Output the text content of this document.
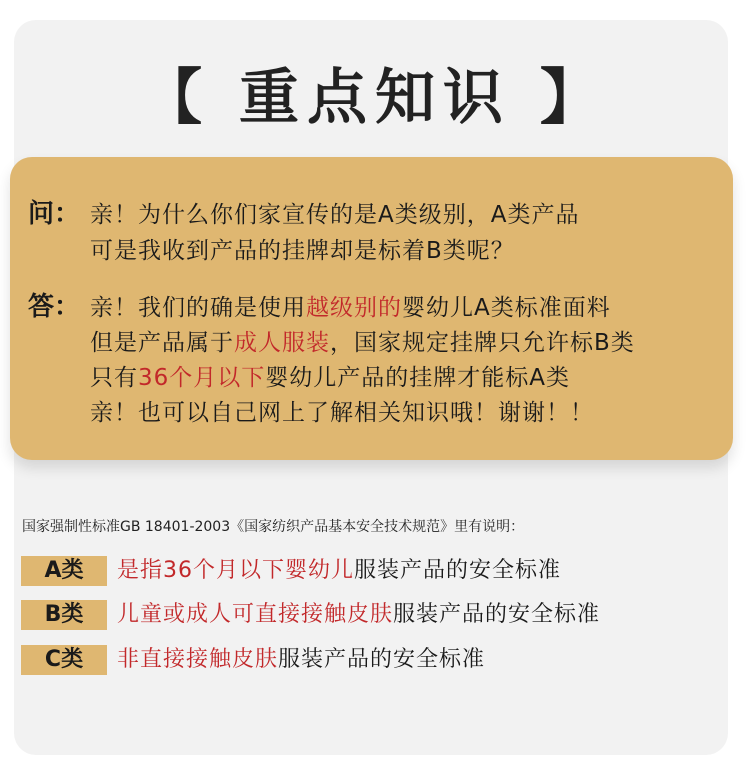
【 重点知识 】
问： 亲！为什么你们家宣传的是A类级别，A类产品
可是我收到产品的挂牌却是标着B类呢？
答： 亲！我们的确是使用越级别的婴幼儿A类标准面料
但是产品属于成人服装，国家规定挂牌只允许标B类
只有36个月以下婴幼儿产品的挂牌才能标A类
亲！也可以自己网上了解相关知识哦！谢谢！！
国家强制性标准GB 18401-2003《国家纺织产品基本安全技术规范》里有说明：
A类	是指36个月以下婴幼儿服装产品的安全标准
B类	儿童或成人可直接接触皮肤服装产品的安全标准
C类	非直接接触皮肤服装产品的安全标准
